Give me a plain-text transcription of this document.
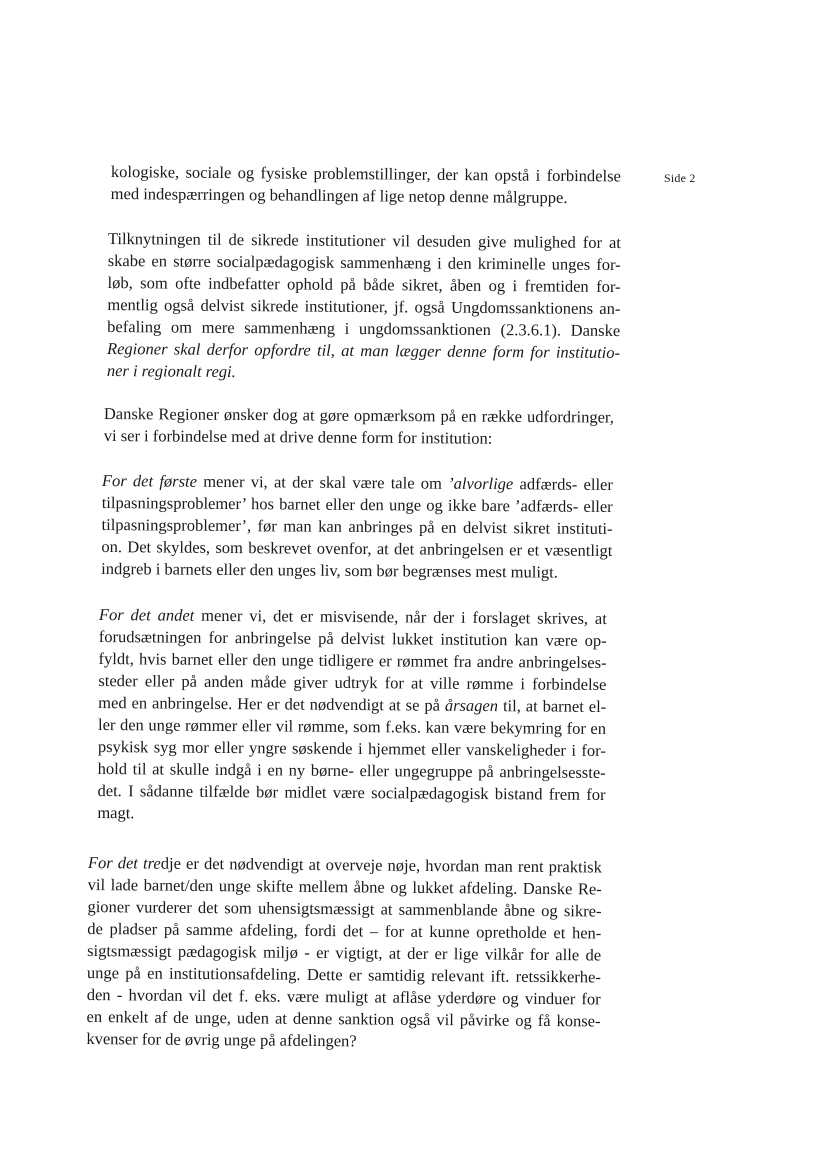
Side 2
kologiske, sociale og fysiske problemstillinger, der kan opstå i forbindelse
med indespærringen og behandlingen af lige netop denne målgruppe.
Tilknytningen til de sikrede institutioner vil desuden give mulighed for at
skabe en større socialpædagogisk sammenhæng i den kriminelle unges for-
løb, som ofte indbefatter ophold på både sikret, åben og i fremtiden for-
mentlig også delvist sikrede institutioner, jf. også Ungdomssanktionens an-
befaling om mere sammenhæng i ungdomssanktionen (2.3.6.1). Danske
Regioner skal derfor opfordre til, at man lægger denne form for institutio-
ner i regionalt regi.
Danske Regioner ønsker dog at gøre opmærksom på en række udfordringer,
vi ser i forbindelse med at drive denne form for institution:
For det første mener vi, at der skal være tale om ’alvorlige adfærds- eller
tilpasningsproblemer’ hos barnet eller den unge og ikke bare ’adfærds- eller
tilpasningsproblemer’, før man kan anbringes på en delvist sikret instituti-
on. Det skyldes, som beskrevet ovenfor, at det anbringelsen er et væsentligt
indgreb i barnets eller den unges liv, som bør begrænses mest muligt.
For det andet mener vi, det er misvisende, når der i forslaget skrives, at
forudsætningen for anbringelse på delvist lukket institution kan være op-
fyldt, hvis barnet eller den unge tidligere er rømmet fra andre anbringelses-
steder eller på anden måde giver udtryk for at ville rømme i forbindelse
med en anbringelse. Her er det nødvendigt at se på årsagen til, at barnet el-
ler den unge rømmer eller vil rømme, som f.eks. kan være bekymring for en
psykisk syg mor eller yngre søskende i hjemmet eller vanskeligheder i for-
hold til at skulle indgå i en ny børne- eller ungegruppe på anbringelsesste-
det. I sådanne tilfælde bør midlet være socialpædagogisk bistand frem for
magt.
For det tredje er det nødvendigt at overveje nøje, hvordan man rent praktisk
vil lade barnet/den unge skifte mellem åbne og lukket afdeling. Danske Re-
gioner vurderer det som uhensigtsmæssigt at sammenblande åbne og sikre-
de pladser på samme afdeling, fordi det – for at kunne opretholde et hen-
sigtsmæssigt pædagogisk miljø - er vigtigt, at der er lige vilkår for alle de
unge på en institutionsafdeling. Dette er samtidig relevant ift. retssikkerhe-
den - hvordan vil det f. eks. være muligt at aflåse yderdøre og vinduer for
en enkelt af de unge, uden at denne sanktion også vil påvirke og få konse-
kvenser for de øvrig unge på afdelingen?
